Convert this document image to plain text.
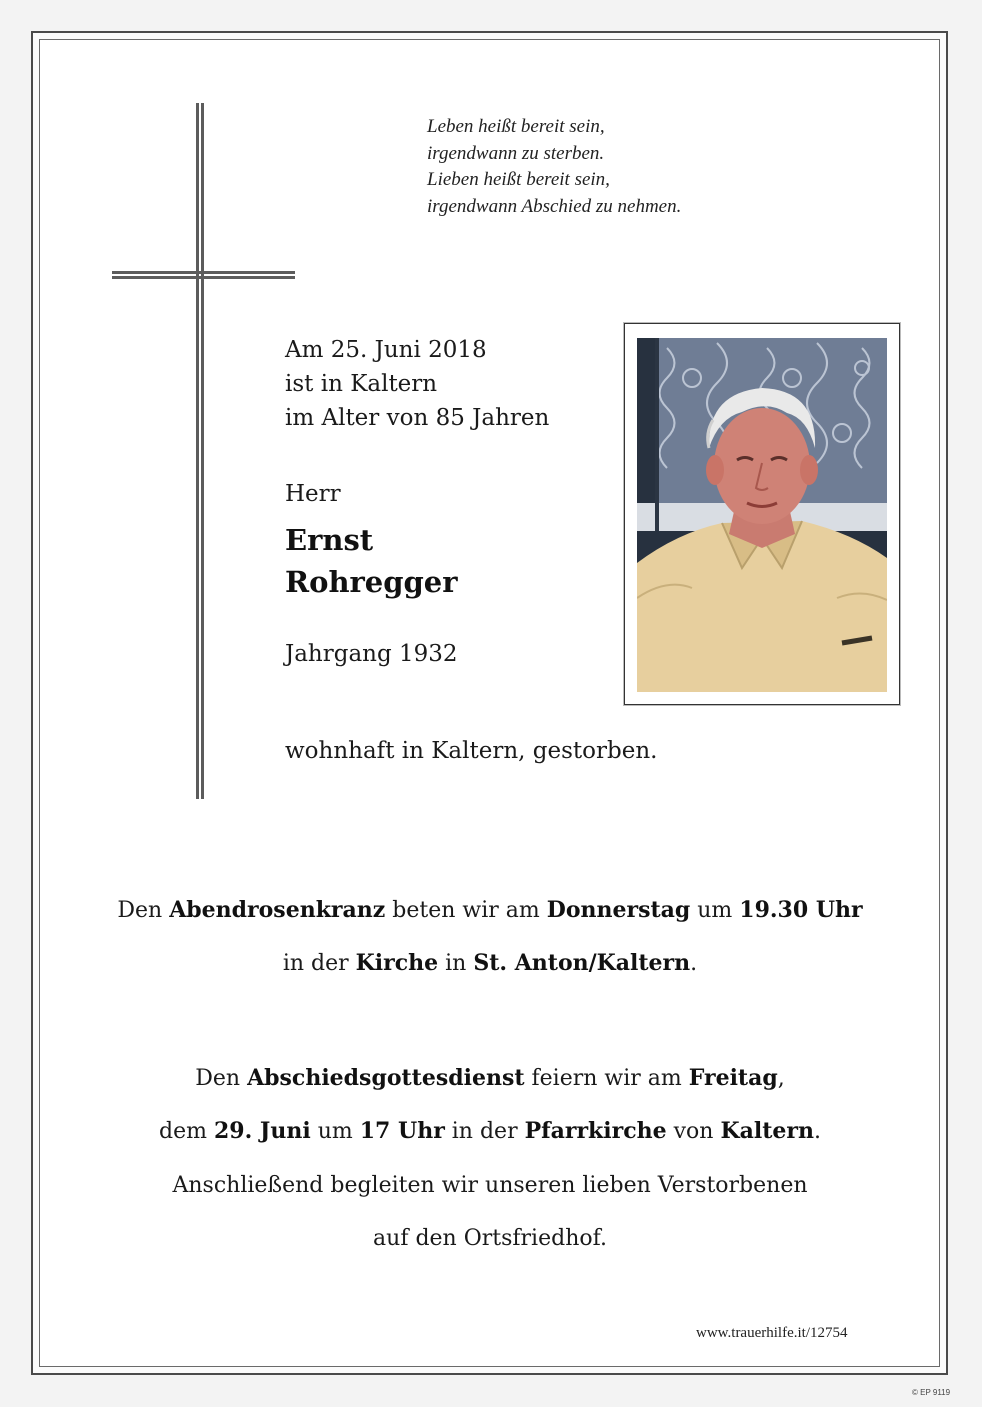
Leben heißt bereit sein,
irgendwann zu sterben.
Lieben heißt bereit sein,
irgendwann Abschied zu nehmen.
Am 25. Juni 2018
ist in Kaltern
im Alter von 85 Jahren
Herr
Ernst
Rohregger
Jahrgang 1932
wohnhaft in Kaltern, gestorben.
Den Abendrosenkranz beten wir am Donnerstag um 19.30 Uhr
in der Kirche in St. Anton/Kaltern.
Den Abschiedsgottesdienst feiern wir am Freitag,
dem 29. Juni um 17 Uhr in der Pfarrkirche von Kaltern.
Anschließend begleiten wir unseren lieben Verstorbenen
auf den Ortsfriedhof.
www.trauerhilfe.it/12754
© EP 9119
